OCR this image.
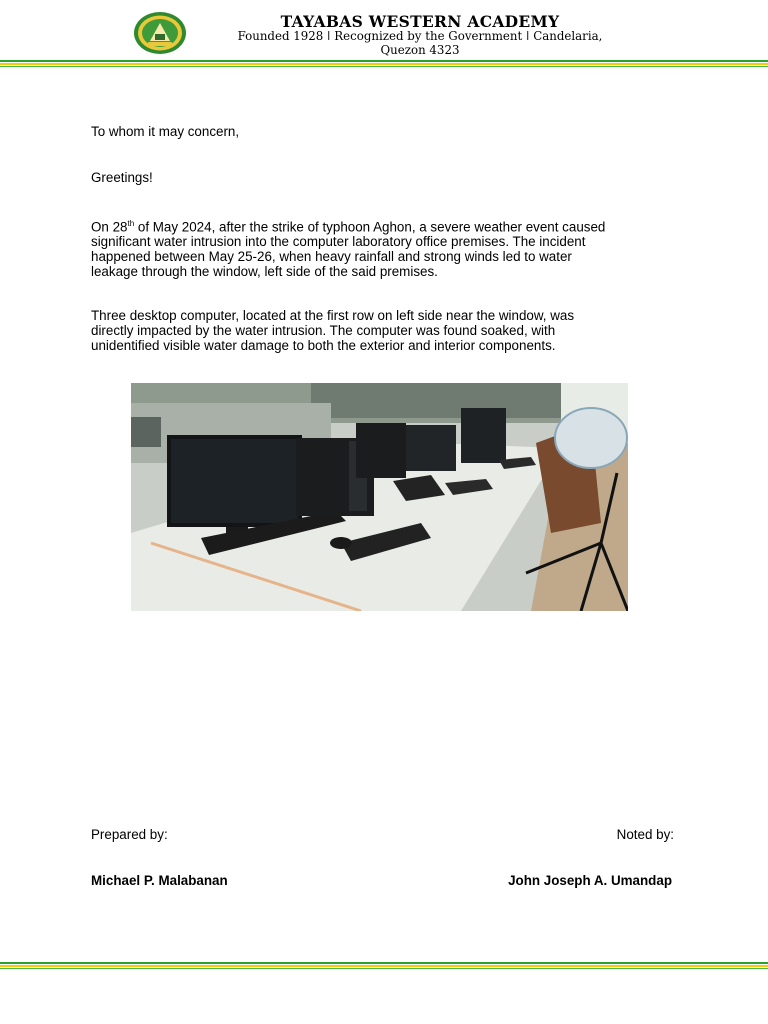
TAYABAS WESTERN ACADEMY
Founded 1928 ǀ Recognized by the Government ǀ Candelaria,
Quezon 4323
To whom it may concern,
Greetings!
On 28th of May 2024, after the strike of typhoon Aghon, a severe weather event caused
significant water intrusion into the computer laboratory office premises. The incident
happened between May 25-26, when heavy rainfall and strong winds led to water
leakage through the window, left side of the said premises.
Three desktop computer, located at the first row on left side near the window, was
directly impacted by the water intrusion. The computer was found soaked, with
unidentified visible water damage to both the exterior and interior components.
Prepared by:
Michael P. Malabanan
Noted by:
John Joseph A. Umandap
